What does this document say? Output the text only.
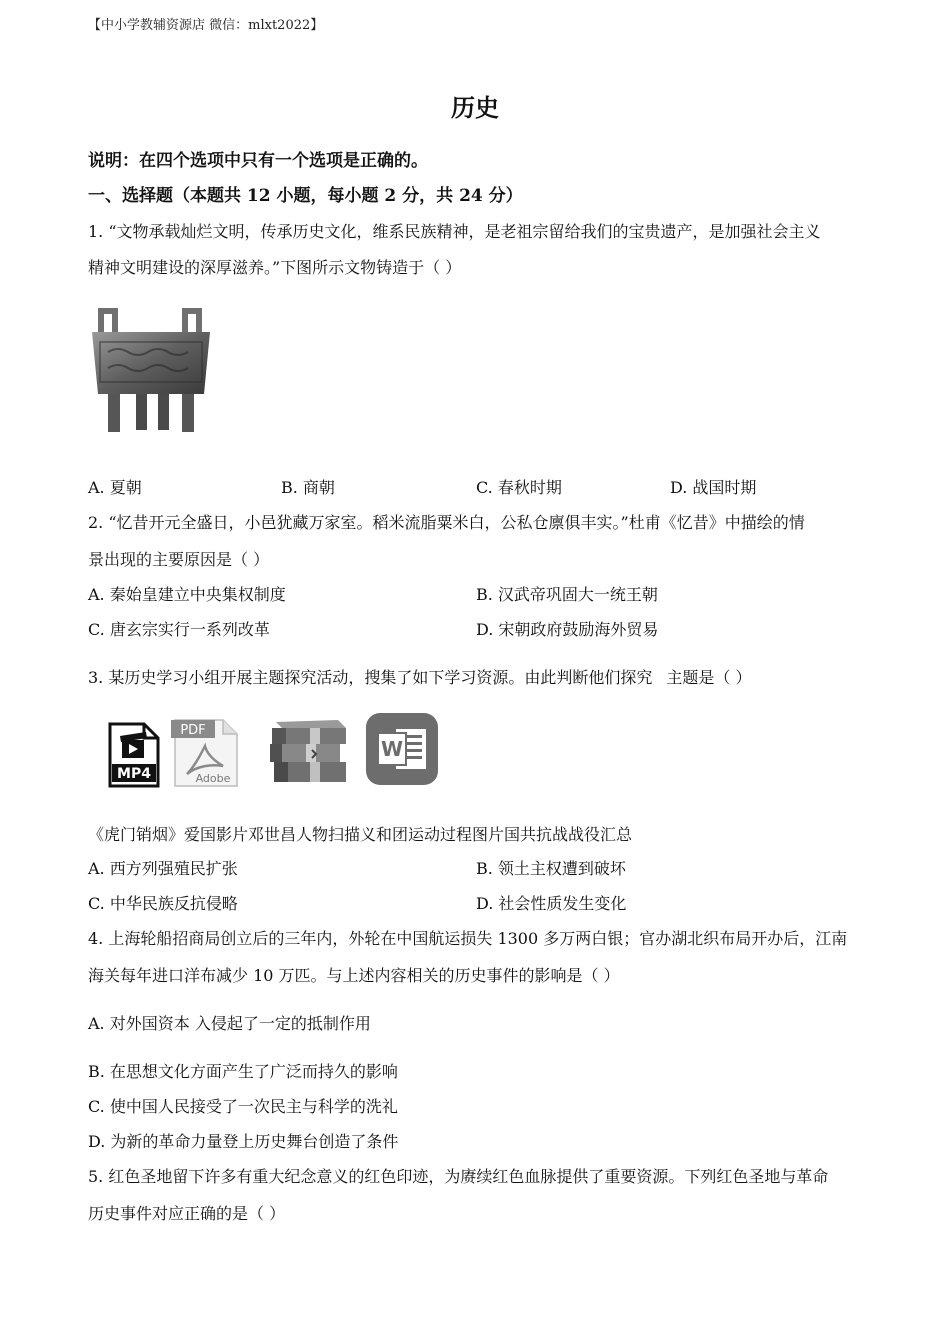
【中小学教辅资源店 微信：mlxt2022】
历史
说明：在四个选项中只有一个选项是正确的。
一、选择题（本题共 12 小题，每小题 2 分，共 24 分）
1. “文物承载灿烂文明，传承历史文化，维系民族精神，是老祖宗留给我们的宝贵遗产，是加强社会主义
精神文明建设的深厚滋养。”下图所示文物铸造于（ ）
A. 夏朝	B. 商朝	C. 春秋时期	D. 战国时期
2. “忆昔开元全盛日，小邑犹藏万家室。稻米流脂粟米白，公私仓廪俱丰实。”杜甫《忆昔》中描绘的情
景出现的主要原因是（ ）
A. 秦始皇建立中央集权制度	B. 汉武帝巩固大一统王朝
C. 唐玄宗实行一系列改革	D. 宋朝政府鼓励海外贸易
3. 某历史学习小组开展主题探究活动，搜集了如下学习资源。由此判断他们探究 主题是（ ）
MP4
PDF
Adobe
W
《虎门销烟》爱国影片邓世昌人物扫描义和团运动过程图片国共抗战战役汇总
A. 西方列强殖民扩张	B. 领土主权遭到破坏
C. 中华民族反抗侵略	D. 社会性质发生变化
4. 上海轮船招商局创立后的三年内，外轮在中国航运损失 1300 多万两白银；官办湖北织布局开办后，江南
海关每年进口洋布减少 10 万匹。与上述内容相关的历史事件的影响是（ ）
A. 对外国资本 入侵起了一定的抵制作用
B. 在思想文化方面产生了广泛而持久的影响
C. 使中国人民接受了一次民主与科学的洗礼
D. 为新的革命力量登上历史舞台创造了条件
5. 红色圣地留下许多有重大纪念意义的红色印迹，为赓续红色血脉提供了重要资源。下列红色圣地与革命
历史事件对应正确的是（ ）
